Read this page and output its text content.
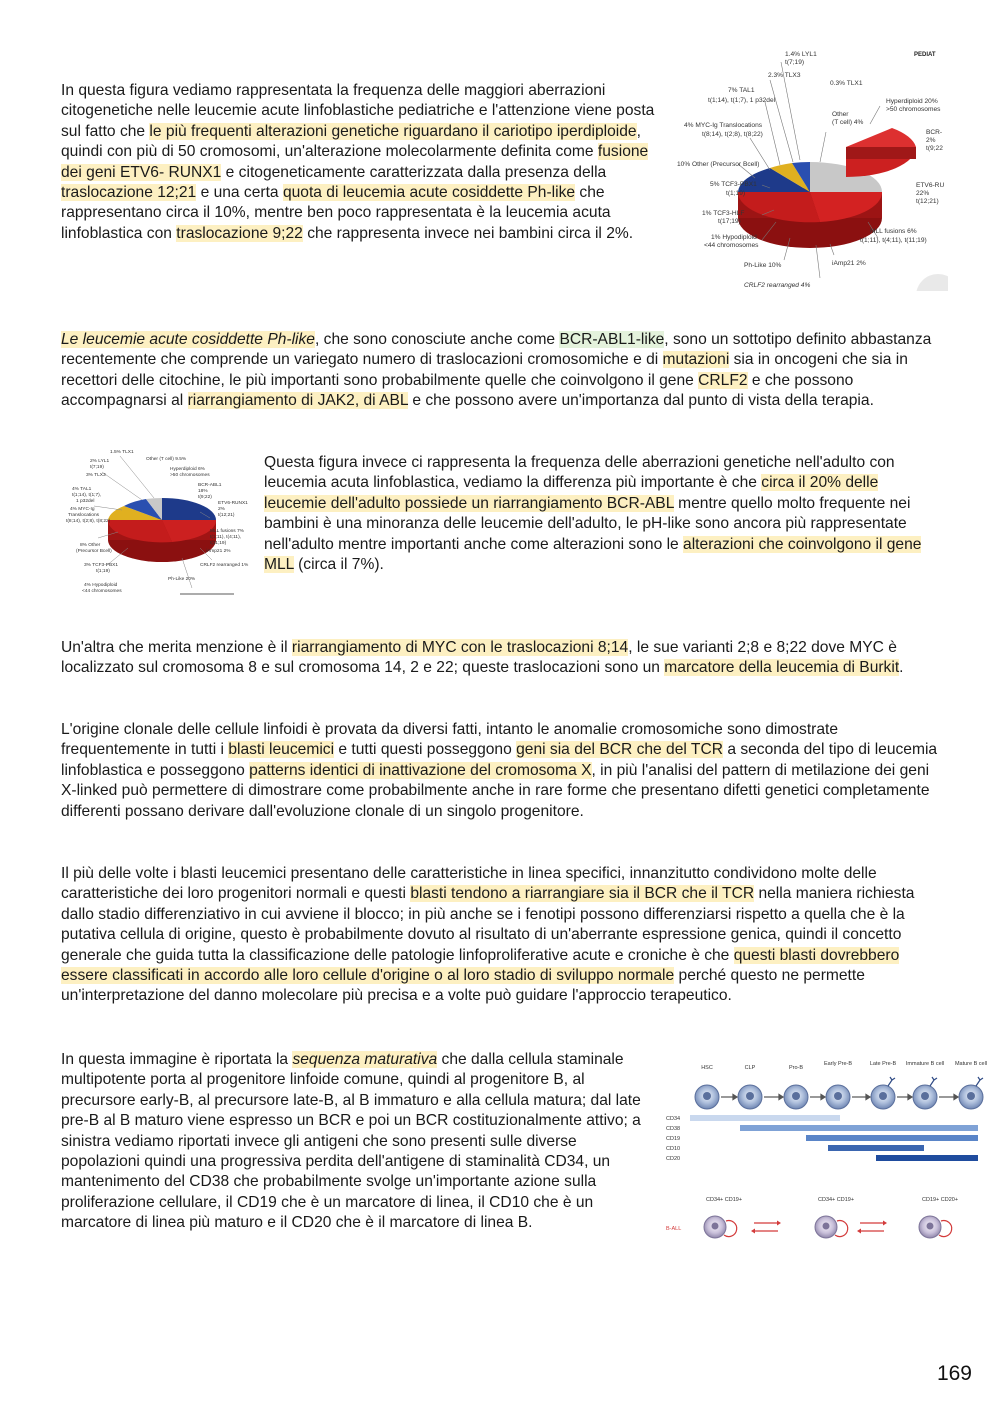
In questa figura vediamo rappresentata la frequenza delle maggiori aberrazioni citogenetiche nelle leucemie acute linfoblastiche pediatriche e l'attenzione viene posta sul fatto che le più frequenti alterazioni genetiche riguardano il cariotipo iperdiploide, quindi con più di 50 cromosomi, un'alterazione molecolarmente definita come fusione dei geni ETV6- RUNX1 e citogeneticamente caratterizzata dalla presenza della traslocazione 12;21 e una certa quota di leucemia acute cosiddette Ph-like che rappresentano circa il 10%, mentre ben poco rappresentata è la leucemia acuta linfoblastica con traslocazione 9;22 che rappresenta invece nei bambini circa il 2%.

1.4% LYL1
t(7;19)
2.3% TLX3
0.3% TLX1
7% TAL1
t(1;14), t(1;7), 1 p32del
4% MYC-Ig Translocations
t(8;14), t(2;8), t(8;22)
Other
(T cell) 4%
Hyperdiploid 20%
>50 chromosomes
BCR-
2%
t(9;22
10% Other (Precursor Bcell)
5% TCF3-PBX1
t(1;19)
ETV6-RU
22%
t(12;21)
1% TCF3-HLF
t(17;19)
MLL fusions 6%
t(1;11), t(4;11), t(11;19)
1% Hypodiploid
<44 chromosomes
Ph-Like 10%	iAmp21 2%
CRLF2 rearranged 4%
PEDIAT

Le leucemie acute cosiddette Ph-like, che sono conosciute anche come BCR-ABL1-like, sono un sottotipo definito abbastanza recentemente che comprende un variegato numero di traslocazioni cromosomiche e di mutazioni sia in oncogeni che sia in recettori delle citochine, le più importanti sono probabilmente quelle che coinvolgono il gene CRLF2 e che possono accompagnarsi al riarrangiamento di JAK2, di ABL e che possono avere un'importanza dal punto di vista della terapia.

1.5% TLX1
2% LYL1
t(7;19)
3% TLX3
Other (T cell) 9.5%
Hyperdiploid 6%
>50 chromosomes
BCR-ABL1
18%
t(9;22)
4% TAL1
t(1;14), t(1;7),
1 p32del
4% MYC-Ig
Translocations
t(8;14), t(2;8), t(8;22)
ETV6-RUNX1
2%
t(12;21)
MLL fusions 7%
t(1;11), t(4;11),
t(11;19)
8% Other
(Precursor Bcell)	iAmp21 2%
CRLF2 rearranged 1%
3% TCF3-PBX1
t(1;19)
Ph-Like 20%
4% Hypodiploid
<44 chromosomes

Questa figura invece ci rappresenta la frequenza delle aberrazioni genetiche nell'adulto con leucemia acuta linfoblastica, vediamo la differenza più importante è che circa il 20% delle leucemie dell'adulto possiede un riarrangiamento BCR-ABL mentre quello molto frequente nei bambini è una minoranza delle leucemie dell'adulto, le pH-like sono ancora più rappresentate nell'adulto mentre importanti anche come alterazioni sono le alterazioni che coinvolgono il gene MLL (circa il 7%).

Un'altra che merita menzione è il riarrangiamento di MYC con le traslocazioni 8;14, le sue varianti 2;8 e 8;22 dove MYC è localizzato sul cromosoma 8 e sul cromosoma 14, 2 e 22; queste traslocazioni sono un marcatore della leucemia di Burkit.

L'origine clonale delle cellule linfoidi è provata da diversi fatti, intanto le anomalie cromosomiche sono dimostrate frequentemente in tutti i blasti leucemici e tutti questi posseggono geni sia del BCR che del TCR a seconda del tipo di leucemia linfoblastica e posseggono patterns identici di inattivazione del cromosoma X, in più l'analisi del pattern di metilazione dei geni X-linked può permettere di dimostrare come probabilmente anche in rare forme che presentano difetti genetici completamente differenti possano derivare dall'evoluzione clonale di un singolo progenitore.

Il più delle volte i blasti leucemici presentano delle caratteristiche in linea specifici, innanzitutto condividono molte delle caratteristiche dei loro progenitori normali e questi blasti tendono a riarrangiare sia il BCR che il TCR nella maniera richiesta dallo stadio differenziativo in cui avviene il blocco; in più anche se i fenotipi possono differenziarsi rispetto a quella che è la putativa cellula di origine, questo è probabilmente dovuto al risultato di un'aberrante espressione genica, quindi il concetto generale che guida tutta la classificazione delle patologie linfoproliferative acute e croniche è che questi blasti dovrebbero essere classificati in accordo alle loro cellule d'origine o al loro stadio di sviluppo normale perché questo ne permette un'interpretazione del danno molecolare più precisa e a volte può guidare l'approccio terapeutico.

In questa immagine è riportata la sequenza maturativa che dalla cellula staminale multipotente porta al progenitore linfoide comune, quindi al progenitore B, al precursore early-B, al precursore late-B, al B immaturo e alla cellula matura; dal late pre-B al B maturo viene espresso un BCR e poi un BCR costituzionalmente attivo; a sinistra vediamo riportati invece gli antigeni che sono presenti sulle diverse popolazioni quindi una progressiva perdita dell'antigene di staminalità CD34, un mantenimento del CD38 che probabilmente svolge un'importante azione sulla proliferazione cellulare, il CD19 che è un marcatore di linea, il CD10 che è un marcatore di linea più maturo e il CD20 che è il marcatore di linea B.

HSC	CLP	Pro-B
Early Pre-B	Late Pre-B Immature B cell Mature B cell
CD34
CD38
CD19
CD10
CD20
B-ALL
CD34+ CD19+	CD34+ CD19+	CD19+ CD20+
169
